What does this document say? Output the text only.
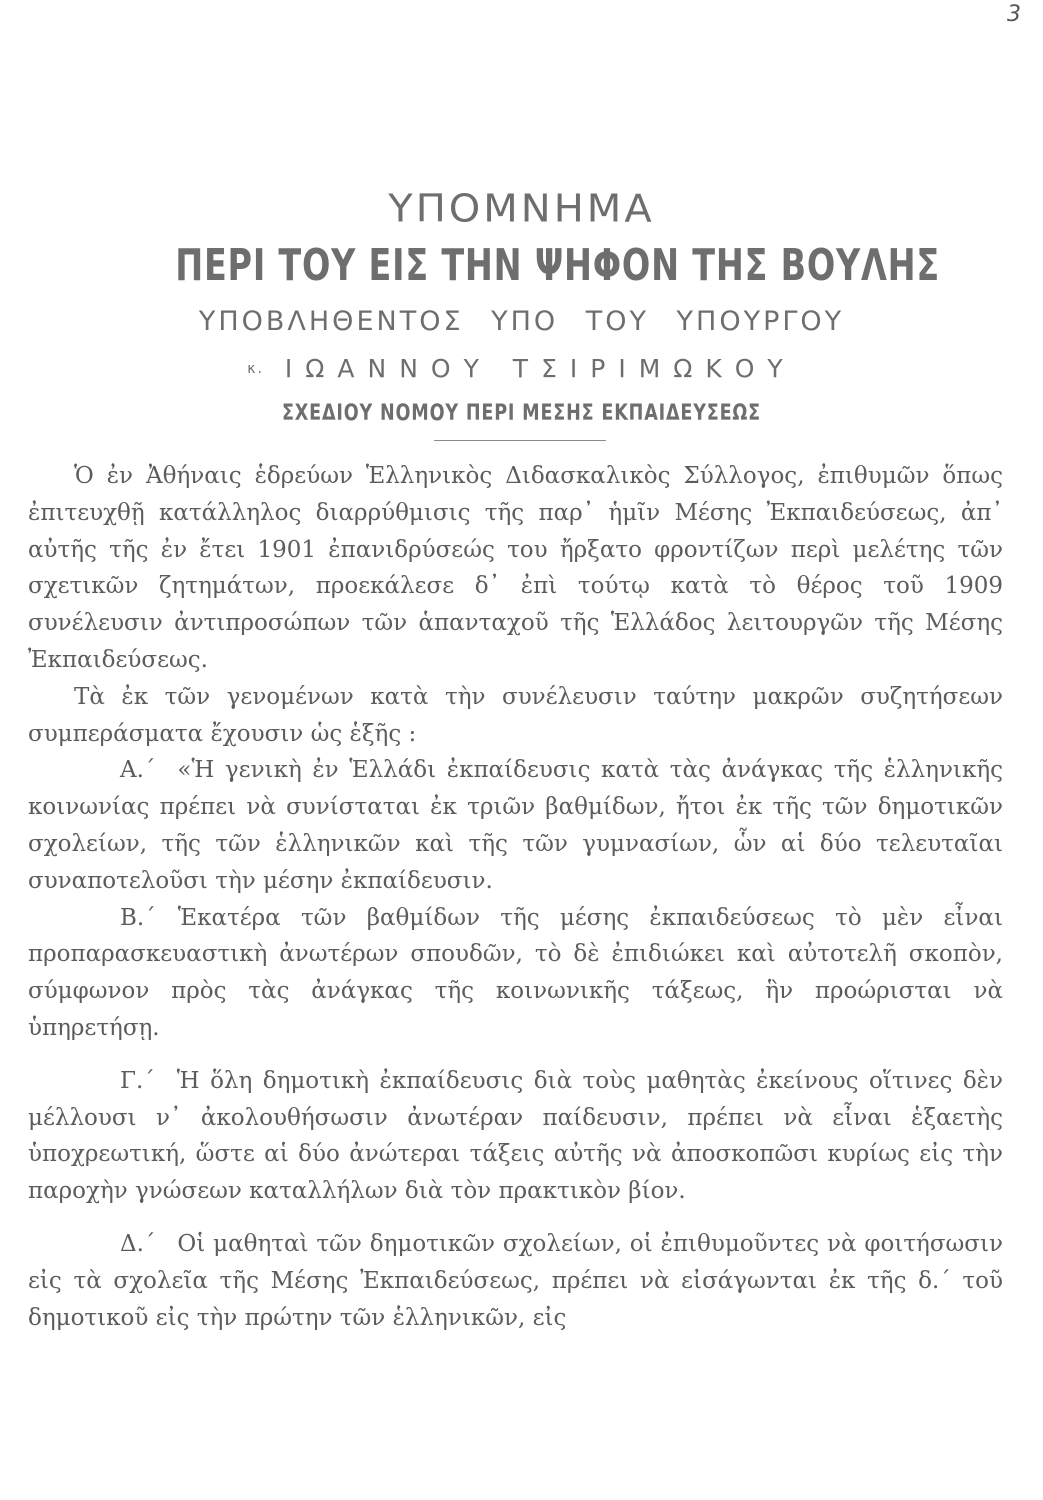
3
ΥΠΟΜΝΗΜΑ
ΠΕΡΙ ΤΟΥ ΕΙΣ ΤΗΝ ΨΗΦΟΝ ΤΗΣ ΒΟΥΛΗΣ
ΥΠΟΒΛΗΘΕΝΤΟΣ ΥΠΟ ΤΟΥ ΥΠΟΥΡΓΟΥ
κ. ΙΩΑΝΝΟΥ ΤΣΙΡΙΜΩΚΟΥ
ΣΧΕΔΙΟΥ ΝΟΜΟΥ ΠΕΡΙ ΜΕΣΗΣ ΕΚΠΑΙΔΕΥΣΕΩΣ

Ὁ ἐν Ἀθήναις ἑδρεύων Ἑλληνικὸς Διδασκαλικὸς Σύλλογος, ἐπιθυμῶν ὅπως ἐπιτευχθῇ κατάλληλος διαρρύθμισις τῆς παρ᾽ ἡμῖν Μέσης Ἐκπαιδεύσεως, ἀπ᾽ αὐτῆς τῆς ἐν ἔτει 1901 ἐπανιδρύσεώς του ἤρξατο φροντίζων περὶ μελέτης τῶν σχετικῶν ζητημάτων, προεκάλεσε δ᾽ ἐπὶ τούτῳ κατὰ τὸ θέρος τοῦ 1909 συνέλευσιν ἀντιπροσώπων τῶν ἁπανταχοῦ τῆς Ἑλλάδος λειτουργῶν τῆς Μέσης Ἐκπαιδεύσεως.

Τὰ ἐκ τῶν γενομένων κατὰ τὴν συνέλευσιν ταύτην μακρῶν συζητήσεων συμπεράσματα ἔχουσιν ὡς ἑξῆς :

Α.´ «Ἡ γενικὴ ἐν Ἑλλάδι ἐκπαίδευσις κατὰ τὰς ἀνάγκας τῆς ἑλληνικῆς κοινωνίας πρέπει νὰ συνίσταται ἐκ τριῶν βαθμίδων, ἤτοι ἐκ τῆς τῶν δημοτικῶν σχολείων, τῆς τῶν ἑλληνικῶν καὶ τῆς τῶν γυμνασίων, ὧν αἱ δύο τελευταῖαι συναποτελοῦσι τὴν μέσην ἐκπαίδευσιν.

Β.´ Ἑκατέρα τῶν βαθμίδων τῆς μέσης ἐκπαιδεύσεως τὸ μὲν εἶναι προπαρασκευαστικὴ ἀνωτέρων σπουδῶν, τὸ δὲ ἐπιδιώκει καὶ αὐτοτελῆ σκοπὸν, σύμφωνον πρὸς τὰς ἀνάγκας τῆς κοινωνικῆς τάξεως, ἣν προώρισται νὰ ὑπηρετήσῃ.

Γ.´ Ἡ ὅλη δημοτικὴ ἐκπαίδευσις διὰ τοὺς μαθητὰς ἐκείνους οἵτινες δὲν μέλλουσι ν᾽ ἀκολουθήσωσιν ἀνωτέραν παίδευσιν, πρέπει νὰ εἶναι ἑξαετὴς ὑποχρεωτική, ὥστε αἱ δύο ἀνώτεραι τάξεις αὐτῆς νὰ ἀποσκοπῶσι κυρίως εἰς τὴν παροχὴν γνώσεων καταλλήλων διὰ τὸν πρακτικὸν βίον.

Δ.´ Οἱ μαθηταὶ τῶν δημοτικῶν σχολείων, οἱ ἐπιθυμοῦντες νὰ φοιτήσωσιν εἰς τὰ σχολεῖα τῆς Μέσης Ἐκπαιδεύσεως, πρέπει νὰ εἰσάγωνται ἐκ τῆς δ.´ τοῦ δημοτικοῦ εἰς τὴν πρώτην τῶν ἑλληνικῶν, εἰς
